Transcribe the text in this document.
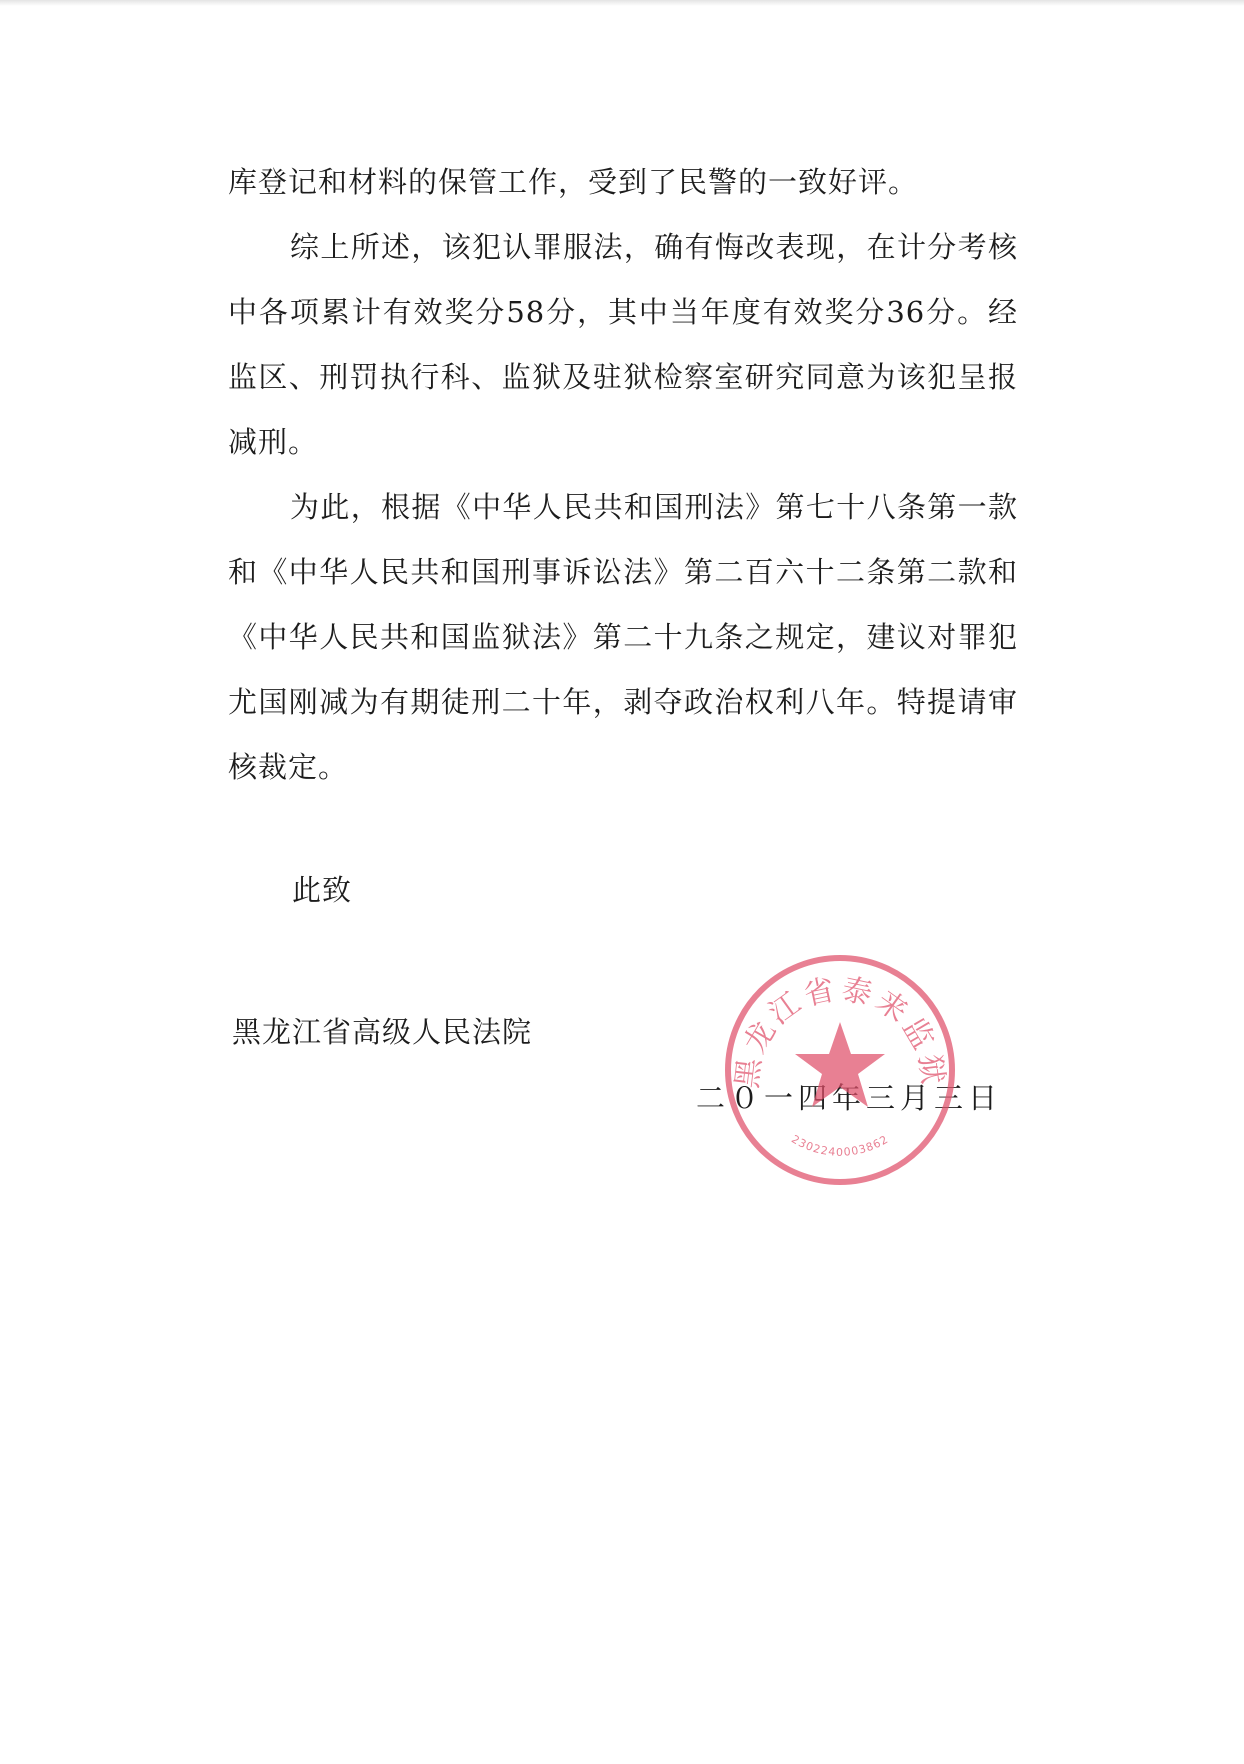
库登记和材料的保管工作，受到了民警的一致好评。

综上所述，该犯认罪服法，确有悔改表现，在计分考核中各项累计有效奖分58分，其中当年度有效奖分36分。经监区、刑罚执行科、监狱及驻狱检察室研究同意为该犯呈报减刑。

为此，根据《中华人民共和国刑法》第七十八条第一款和《中华人民共和国刑事诉讼法》第二百六十二条第二款和《中华人民共和国监狱法》第二十九条之规定，建议对罪犯尤国刚减为有期徒刑二十年，剥夺政治权利八年。特提请审核裁定。

此致
黑龙江省高级人民法院
二０一四年三月三日
黑龙江省泰来监狱
2302240003862
